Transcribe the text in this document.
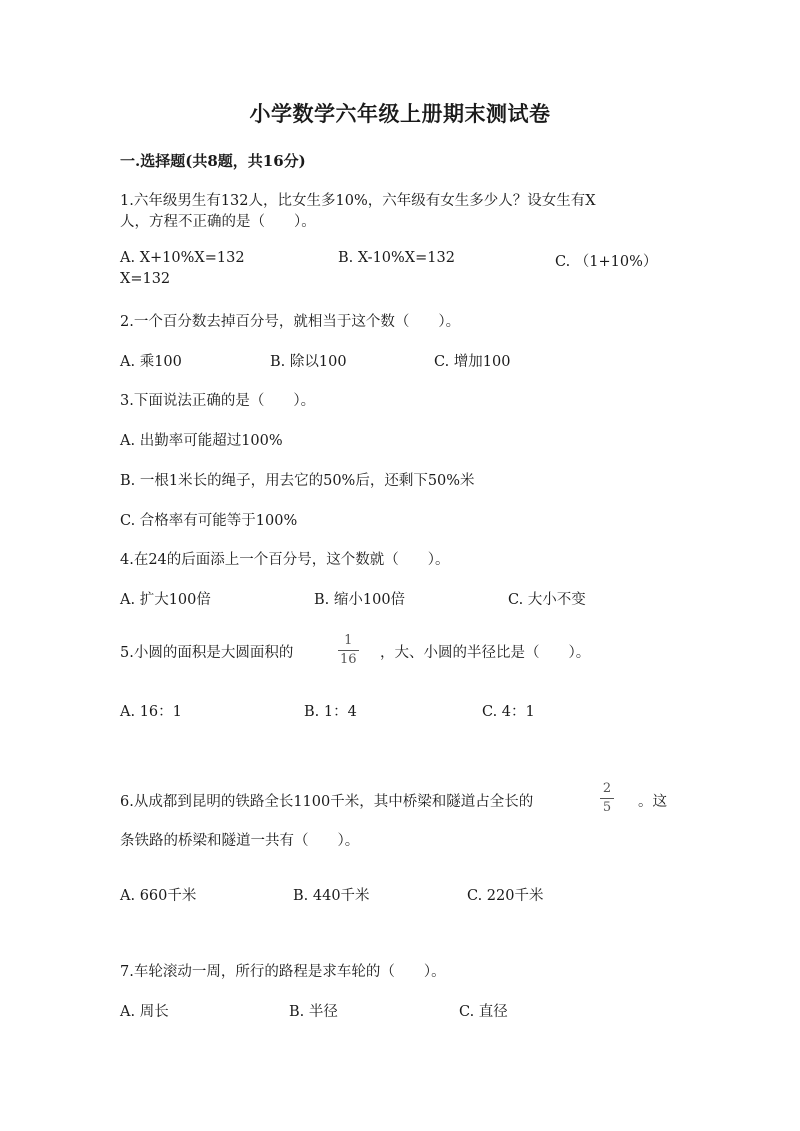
小学数学六年级上册期末测试卷
一.选择题(共8题，共16分)
1.六年级男生有132人，比女生多10%，六年级有女生多少人？设女生有X
人，方程不正确的是（　　）。
A. X+10%X=132	B. X-10%X=132	C. （1+10%）
X=132
2.一个百分数去掉百分号，就相当于这个数（　　）。
A. 乘100	B. 除以100	C. 增加100
3.下面说法正确的是（　　）。
A. 出勤率可能超过100%
B. 一根1米长的绳子，用去它的50%后，还剩下50%米
C. 合格率有可能等于100%
4.在24的后面添上一个百分号，这个数就（　　）。
A. 扩大100倍	B. 缩小100倍	C. 大小不变
5.小圆的面积是大圆面积的
1
16 ，大、小圆的半径比是（　　）。
A. 16：1	B. 1：4	C. 4：1
6.从成都到昆明的铁路全长1100千米，其中桥梁和隧道占全长的
2
5 。这
条铁路的桥梁和隧道一共有（　　）。
A. 660千米	B. 440千米	C. 220千米
7.车轮滚动一周，所行的路程是求车轮的（　　）。
A. 周长	B. 半径	C. 直径
